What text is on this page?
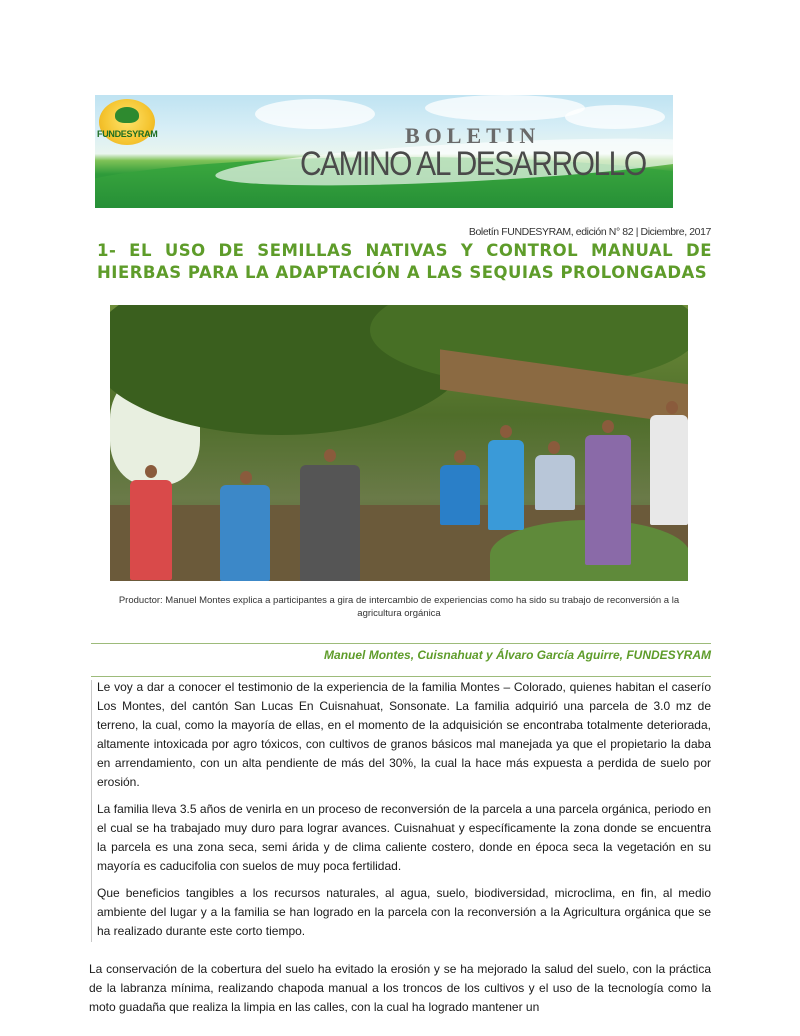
FUNDESYRAM	BOLETIN
CAMINO AL DESARROLLO
Boletín FUNDESYRAM, edición N° 82 | Diciembre, 2017
1- EL USO DE SEMILLAS NATIVAS Y CONTROL MANUAL DE HIERBAS PARA LA ADAPTACIÓN A LAS SEQUIAS PROLONGADAS
Productor: Manuel Montes explica a participantes a gira de intercambio de experiencias como ha sido su trabajo de reconversión a la agricultura orgánica
Manuel Montes, Cuisnahuat y Álvaro García Aguirre, FUNDESYRAM

Le voy a dar a conocer el testimonio de la experiencia de la familia Montes – Colorado, quienes habitan el caserío Los Montes, del cantón San Lucas En Cuisnahuat, Sonsonate. La familia adquirió una parcela de 3.0 mz de terreno, la cual, como la mayoría de ellas, en el momento de la adquisición se encontraba totalmente deteriorada, altamente intoxicada por agro tóxicos, con cultivos de granos básicos mal manejada ya que el propietario la daba en arrendamiento, con un alta pendiente de más del 30%, la cual la hace más expuesta a perdida de suelo por erosión.

La familia lleva 3.5 años de venirla en un proceso de reconversión de la parcela a una parcela orgánica, periodo en el cual se ha trabajado muy duro para lograr avances. Cuisnahuat y específicamente la zona donde se encuentra la parcela es una zona seca, semi árida y de clima caliente costero, donde en época seca la vegetación en su mayoría es caducifolia con suelos de muy poca fertilidad.

Que beneficios tangibles a los recursos naturales, al agua, suelo, biodiversidad, microclima, en fin, al medio ambiente del lugar y a la familia se han logrado en la parcela con la reconversión a la Agricultura orgánica que se ha realizado durante este corto tiempo.

La conservación de la cobertura del suelo ha evitado la erosión y se ha mejorado la salud del suelo, con la práctica de la labranza mínima, realizando chapoda manual a los troncos de los cultivos y el uso de la tecnología como la moto guadaña que realiza la limpia en las calles, con la cual ha logrado mantener un
